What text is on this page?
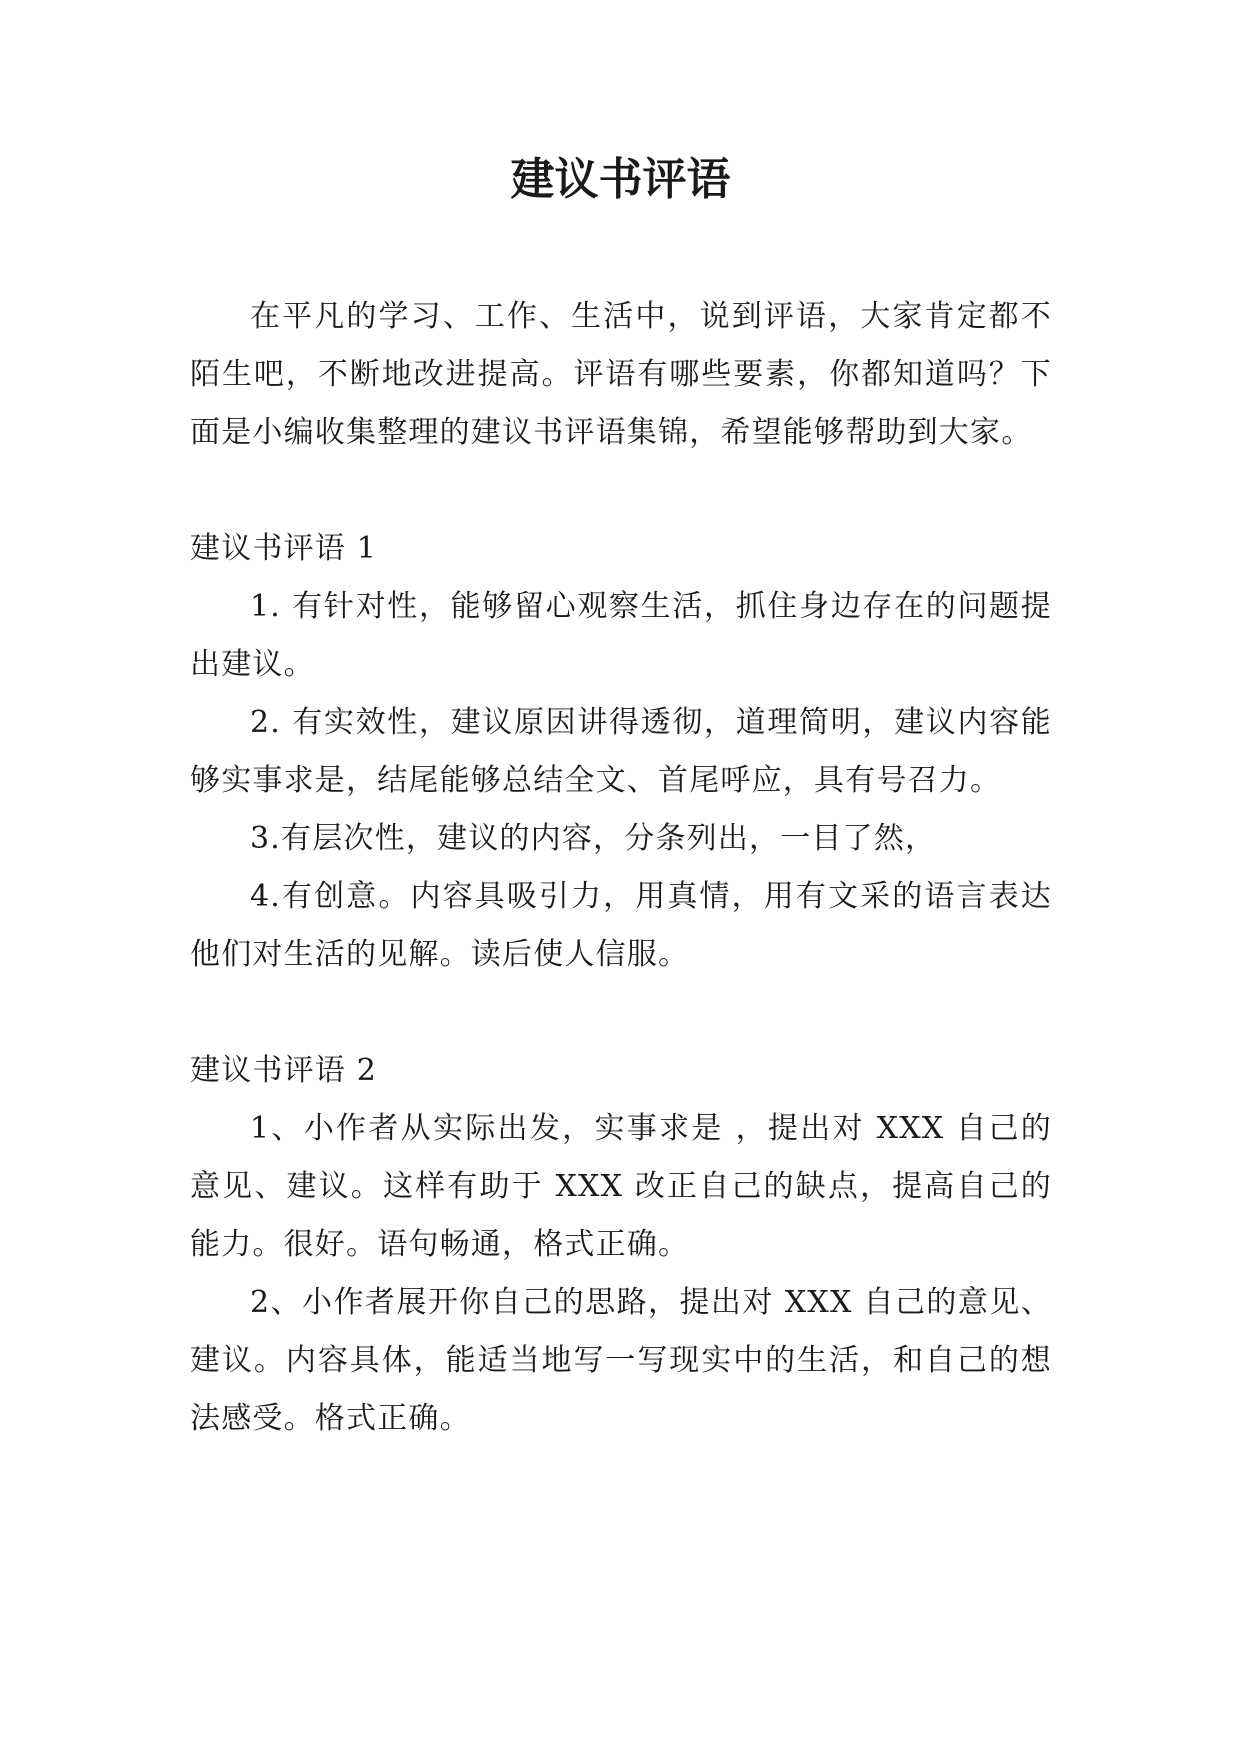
建议书评语

在平凡的学习、工作、生活中，说到评语，大家肯定都不陌生吧，不断地改进提高。评语有哪些要素，你都知道吗？下面是小编收集整理的建议书评语集锦，希望能够帮助到大家。

建议书评语 1

1. 有针对性，能够留心观察生活，抓住身边存在的问题提出建议。

2. 有实效性，建议原因讲得透彻，道理简明，建议内容能够实事求是，结尾能够总结全文、首尾呼应，具有号召力。

3.有层次性，建议的内容，分条列出，一目了然，

4.有创意。内容具吸引力，用真情，用有文采的语言表达他们对生活的见解。读后使人信服。

建议书评语 2

1、小作者从实际出发，实事求是 ，提出对 XXX 自己的意见、建议。这样有助于 XXX 改正自己的缺点，提高自己的能力。很好。语句畅通，格式正确。

2、小作者展开你自己的思路，提出对 XXX 自己的意见、建议。内容具体，能适当地写一写现实中的生活，和自己的想法感受。格式正确。
